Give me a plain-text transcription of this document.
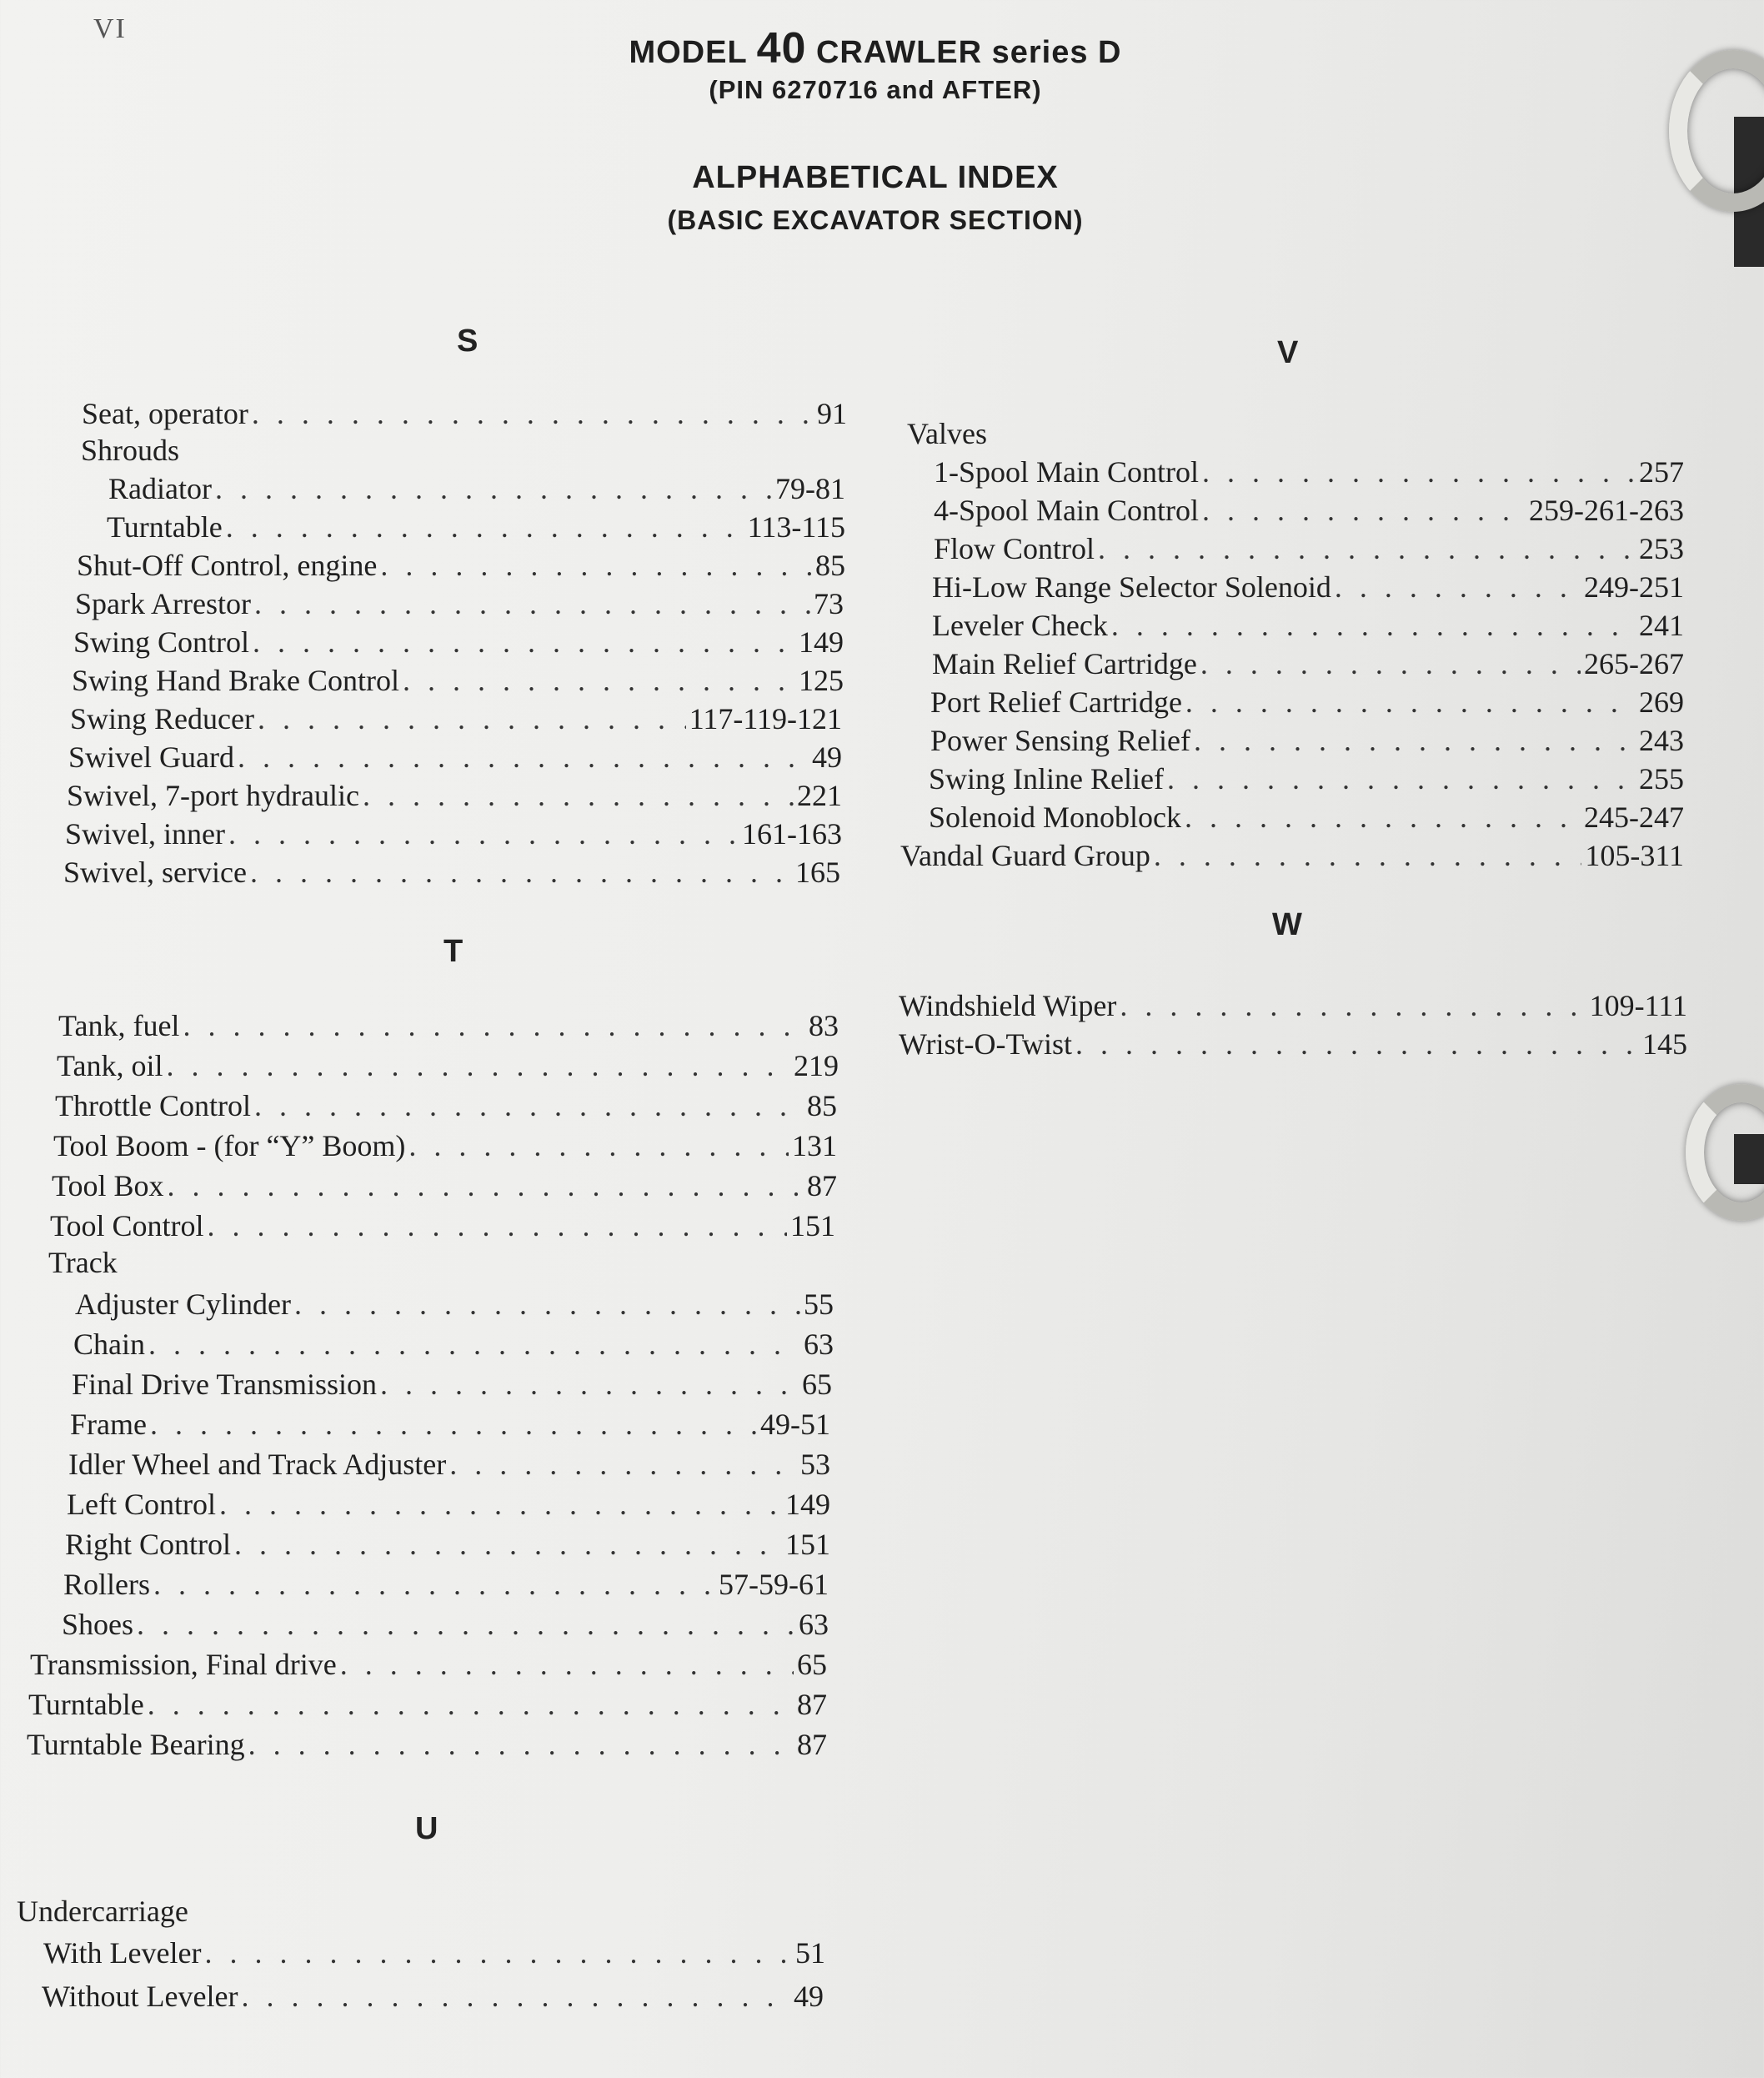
VI
MODEL 40 CRAWLER series D
(PIN 6270716 and AFTER)
ALPHABETICAL INDEX
(BASIC EXCAVATOR SECTION)
S
Seat, operator . . .	91
Shrouds
Radiator . . .	79-81
Turntable . . .	113-115
Shut-Off Control, engine . . .	85
Spark Arrestor . . .	73
Swing Control . . .	149
Swing Hand Brake Control . . .	125
Swing Reducer . . .	117-119-121
Swivel Guard . . .	49
Swivel, 7-port hydraulic . . .	221
Swivel, inner . . .	161-163
Swivel, service . . .	165
T
Tank, fuel . . .	83
Tank, oil . . .	219
Throttle Control . . .	85
Tool Boom - (for “Y” Boom) . . .	131
Tool Box . . .	87
Tool Control . . .	151
Track
Adjuster Cylinder . . .	55
Chain . . .	63
Final Drive Transmission . . .	65
Frame . . .	49-51
Idler Wheel and Track Adjuster . . .	53
Left Control . . .	149
Right Control . . .	151
Rollers . . .	57-59-61
Shoes . . .	63
Transmission, Final drive . . .	65
Turntable . . .	87
Turntable Bearing . . .	87
U
Undercarriage
With Leveler . . .	51
Without Leveler . . .	49
V
Valves
1-Spool Main Control . . .	257
4-Spool Main Control . . .	259-261-263
Flow Control . . .	253
Hi-Low Range Selector Solenoid . . .	249-251
Leveler Check . . .	241
Main Relief Cartridge . . .	265-267
Port Relief Cartridge . . .	269
Power Sensing Relief . . .	243
Swing Inline Relief . . .	255
Solenoid Monoblock . . .	245-247
Vandal Guard Group . . .	105-311
W
Windshield Wiper . . .	109-111
Wrist-O-Twist . . .	145
